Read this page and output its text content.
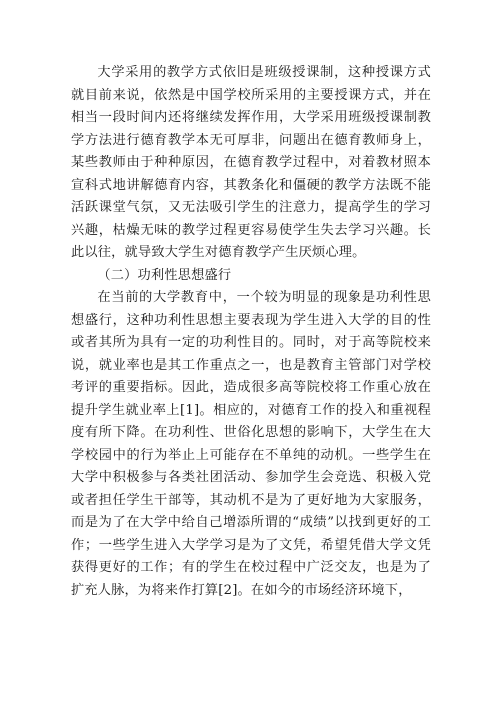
大学采用的教学方式依旧是班级授课制，这种授课方式就目前来说，依然是中国学校所采用的主要授课方式，并在相当一段时间内还将继续发挥作用，大学采用班级授课制教学方法进行德育教学本无可厚非，问题出在德育教师身上，某些教师由于种种原因，在德育教学过程中，对着教材照本宣科式地讲解德育内容，其教条化和僵硬的教学方法既不能活跃课堂气氛，又无法吸引学生的注意力，提高学生的学习兴趣，枯燥无味的教学过程更容易使学生失去学习兴趣。长此以往，就导致大学生对德育教学产生厌烦心理。

（二）功利性思想盛行

在当前的大学教育中，一个较为明显的现象是功利性思想盛行，这种功利性思想主要表现为学生进入大学的目的性或者其所为具有一定的功利性目的。同时，对于高等院校来说，就业率也是其工作重点之一，也是教育主管部门对学校考评的重要指标。因此，造成很多高等院校将工作重心放在提升学生就业率上[1]。相应的，对德育工作的投入和重视程度有所下降。在功利性、世俗化思想的影响下，大学生在大学校园中的行为举止上可能存在不单纯的动机。一些学生在大学中积极参与各类社团活动、参加学生会竞选、积极入党或者担任学生干部等，其动机不是为了更好地为大家服务，而是为了在大学中给自己增添所谓的“成绩”以找到更好的工作；一些学生进入大学学习是为了文凭，希望凭借大学文凭获得更好的工作；有的学生在校过程中广泛交友，也是为了扩充人脉，为将来作打算[2]。在如今的市场经济环境下，
